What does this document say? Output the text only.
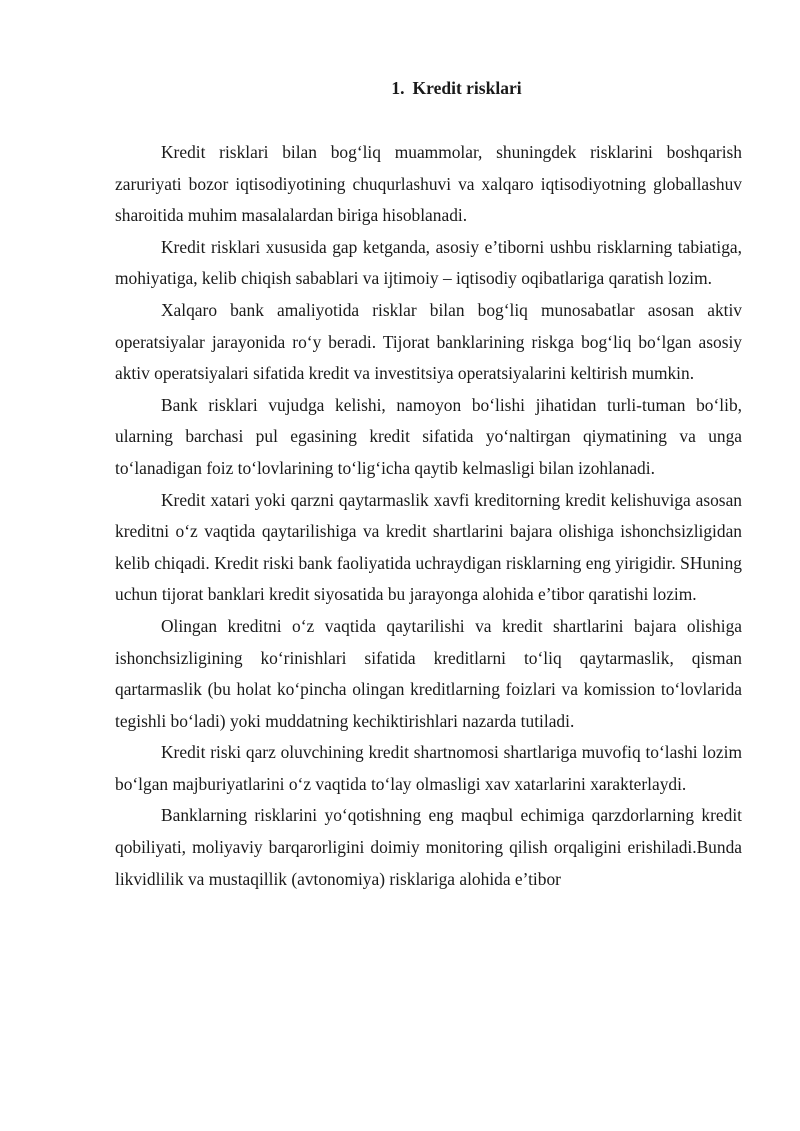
1. Kredit risklari

Kredit risklari bilan bog‘liq muammolar, shuningdek risklarini boshqarish zaruriyati bozor iqtisodiyotining chuqurlashuvi va xalqaro iqtisodiyotning globallashuv sharoitida muhim masalalardan biriga hisoblanadi.

Kredit risklari xususida gap ketganda, asosiy e’tiborni ushbu risklarning tabiatiga, mohiyatiga, kelib chiqish sabablari va ijtimoiy – iqtisodiy oqibatlariga qaratish lozim.

Xalqaro bank amaliyotida risklar bilan bog‘liq munosabatlar asosan aktiv operatsiyalar jarayonida ro‘y beradi. Tijorat banklarining riskga bog‘liq bo‘lgan asosiy aktiv operatsiyalari sifatida kredit va investitsiya operatsiyalarini keltirish mumkin.

Bank risklari vujudga kelishi, namoyon bo‘lishi jihatidan turli-tuman bo‘lib, ularning barchasi pul egasining kredit sifatida yo‘naltirgan qiymatining va unga to‘lanadigan foiz to‘lovlarining to‘lig‘icha qaytib kelmasligi bilan izohlanadi.

Kredit xatari yoki qarzni qaytarmaslik xavfi kreditorning kredit kelishuviga asosan kreditni o‘z vaqtida qaytarilishiga va kredit shartlarini bajara olishiga ishonchsizligidan kelib chiqadi. Kredit riski bank faoliyatida uchraydigan risklarning eng yirigidir. SHuning uchun tijorat banklari kredit siyosatida bu jarayonga alohida e’tibor qaratishi lozim.

Olingan kreditni o‘z vaqtida qaytarilishi va kredit shartlarini bajara olishiga ishonchsizligining ko‘rinishlari sifatida kreditlarni to‘liq qaytarmaslik, qisman qartarmaslik (bu holat ko‘pincha olingan kreditlarning foizlari va komission to‘lovlarida tegishli bo‘ladi) yoki muddatning kechiktirishlari nazarda tutiladi.

Kredit riski qarz oluvchining kredit shartnomosi shartlariga muvofiq to‘lashi lozim bo‘lgan majburiyatlarini o‘z vaqtida to‘lay olmasligi xav xatarlarini xarakterlaydi.

Banklarning risklarini yo‘qotishning eng maqbul echimiga qarzdorlarning kredit qobiliyati, moliyaviy barqarorligini doimiy monitoring qilish orqaligini erishiladi.Bunda likvidlilik va mustaqillik (avtonomiya) risklariga alohida e’tibor
